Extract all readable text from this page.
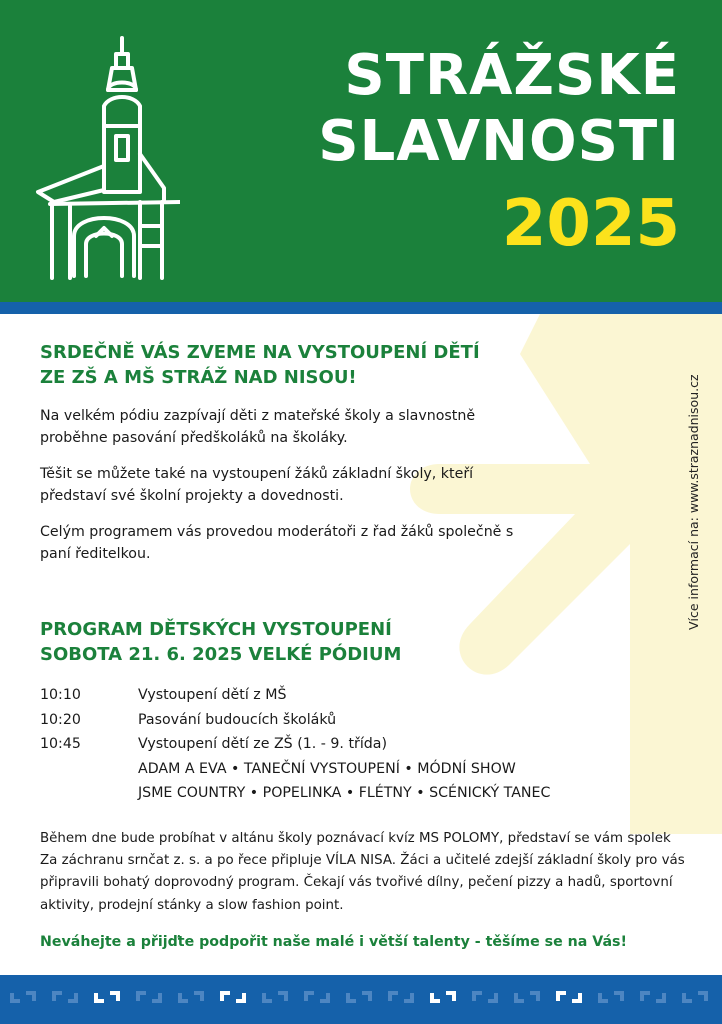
STRÁŽSKÉ
SLAVNOSTI
2025
Více informací na: www.straznadnisou.cz
SRDEČNĚ VÁS ZVEME NA VYSTOUPENÍ DĚTÍ
ZE ZŠ A MŠ STRÁŽ NAD NISOU!

Na velkém pódiu zazpívají děti z mateřské školy a slavnostně proběhne pasování předškoláků na školáky.

Těšit se můžete také na vystoupení žáků základní školy, kteří představí své školní projekty a dovednosti.

Celým programem vás provedou moderátoři z řad žáků společně s paní ředitelkou.

PROGRAM DĚTSKÝCH VYSTOUPENÍ
SOBOTA 21. 6. 2025 VELKÉ PÓDIUM
10:10	Vystoupení dětí z MŠ
10:20	Pasování budoucích školáků
10:45	Vystoupení dětí ze ZŠ (1. - 9. třída)
ADAM A EVA • TANEČNÍ VYSTOUPENÍ • MÓDNÍ SHOW
JSME COUNTRY • POPELINKA • FLÉTNY • SCÉNICKÝ TANEC

Během dne bude probíhat v altánu školy poznávací kvíz MS POLOMY, představí se vám spolek Za záchranu srnčat z. s. a po řece připluje VÍLA NISA. Žáci a učitelé zdejší základní školy pro vás připravili bohatý doprovodný program. Čekají vás tvořivé dílny, pečení pizzy a hadů, sportovní aktivity, prodejní stánky a slow fashion point.

Neváhejte a přijďte podpořit naše malé i větší talenty - těšíme se na Vás!
